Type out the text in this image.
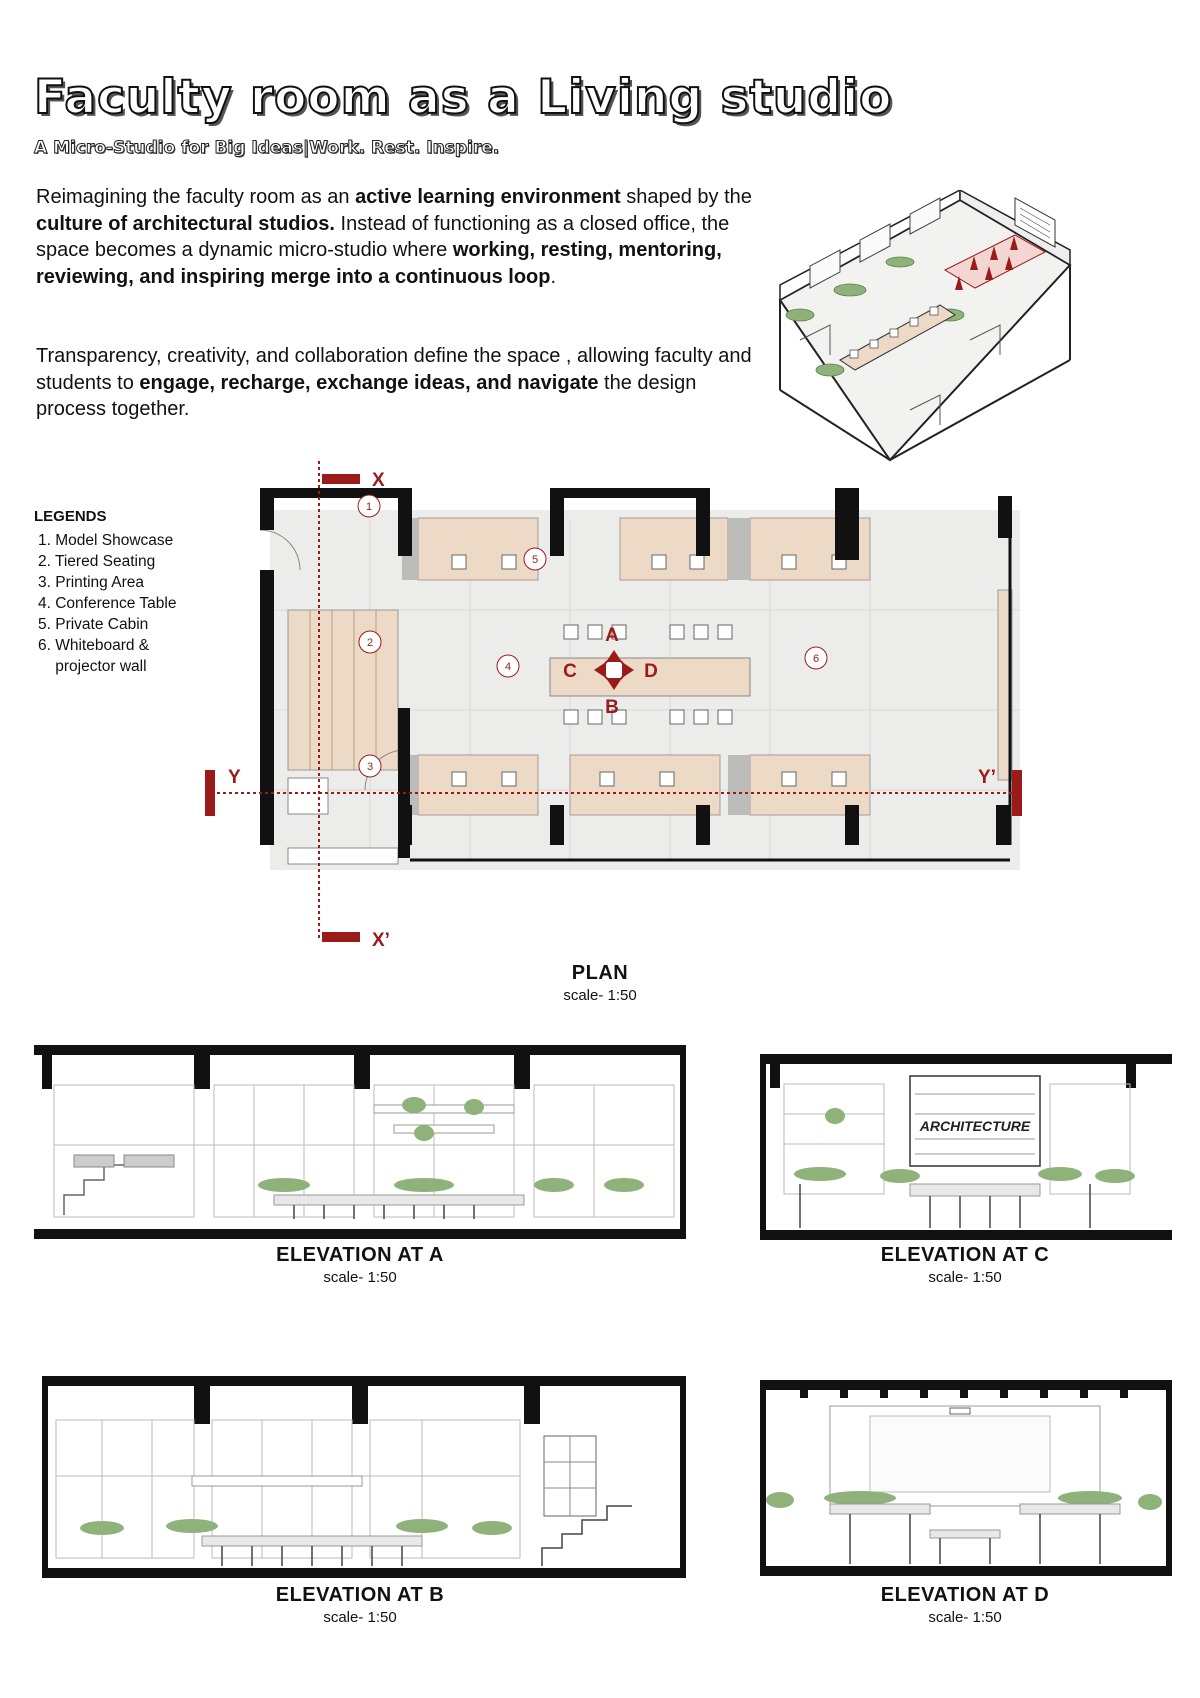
Faculty room as a Living studio
A Micro-Studio for Big Ideas|Work. Rest. Inspire.
Reimagining the faculty room as an active learning environment shaped by the culture of architectural studios. Instead of functioning as a closed office, the space becomes a dynamic micro-studio where working, resting, mentoring, reviewing, and inspiring merge into a continuous loop.
Transparency, creativity, and collaboration define the space , allowing faculty and students to engage, recharge, exchange ideas, and navigate the design process together.
LEGENDS
1. Model Showcase
2. Tiered Seating
3. Printing Area
4. Conference Table
5. Private Cabin
6. Whiteboard &
projector wall
1
2
3
4
5
6
A
B
C	D
X
X’
Y	Y’
PLAN
scale- 1:50
ELEVATION AT A
scale- 1:50
ARCHITECTURE
ELEVATION AT C
scale- 1:50
ELEVATION AT B
scale- 1:50
ELEVATION AT D
scale- 1:50
